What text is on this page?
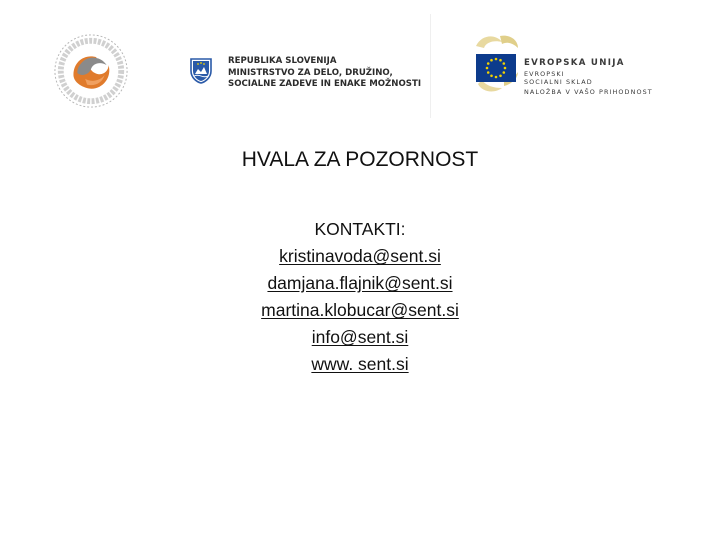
REPUBLIKA SLOVENIJA
MINISTRSTVO ZA DELO, DRUŽINO,
SOCIALNE ZADEVE IN ENAKE MOŽNOSTI
EVROPSKA UNIJA
EVROPSKI
SOCIALNI SKLAD
NALOŽBA V VAŠO PRIHODNOST
HVALA ZA POZORNOST
KONTAKTI:
kristinavoda@sent.si
damjana.flajnik@sent.si
martina.klobucar@sent.si
info@sent.si
www. sent.si
